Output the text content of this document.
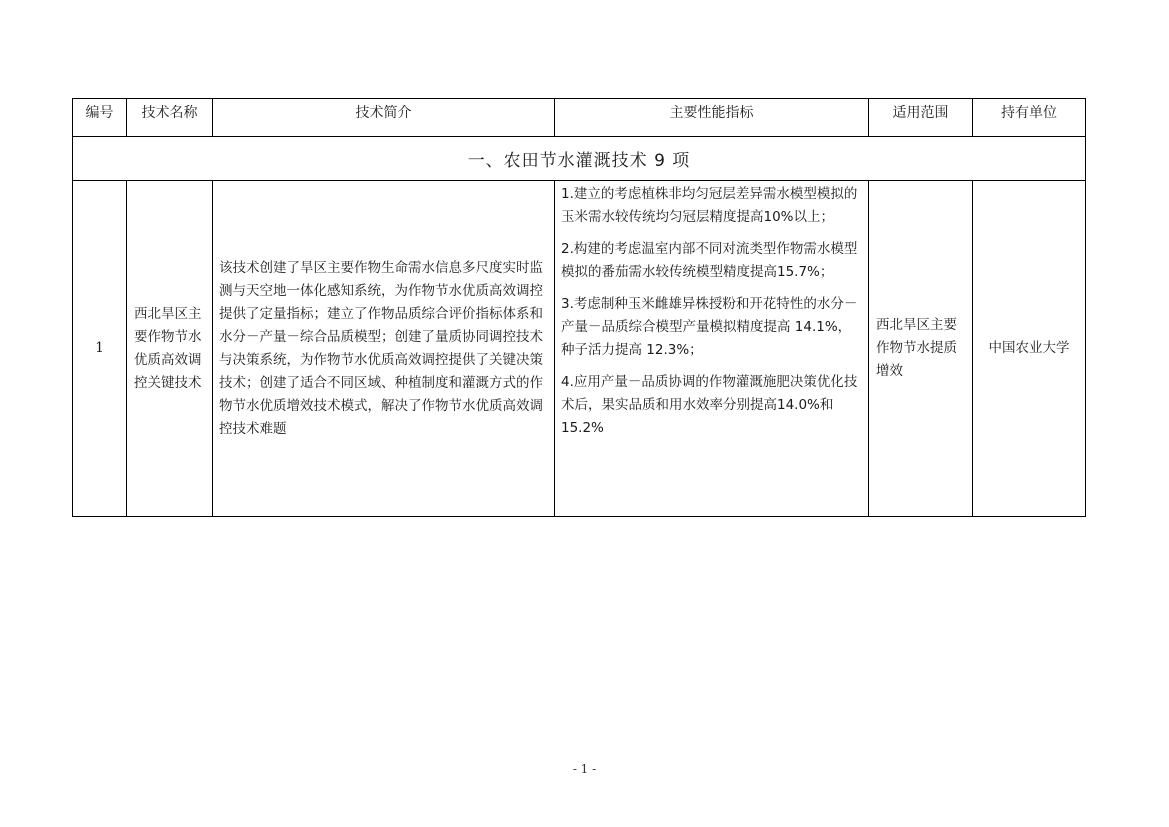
编号	技术名称	技术简介	主要性能指标	适用范围	持有单位
一、农田节水灌溉技术 9 项					
1	西北旱区主要作物节水优质高效调控关键技术	该技术创建了旱区主要作物生命需水信息多尺度实时监测与天空地一体化感知系统，为作物节水优质高效调控提供了定量指标；建立了作物品质综合评价指标体系和水分－产量－综合品质模型；创建了量质协同调控技术与决策系统，为作物节水优质高效调控提供了关键决策技术；创建了适合不同区域、种植制度和灌溉方式的作物节水优质增效技术模式，解决了作物节水优质高效调控技术难题	1.建立的考虑植株非均匀冠层差异需水模型模拟的玉米需水较传统均匀冠层精度提高10%以上；
2.构建的考虑温室内部不同对流类型作物需水模型模拟的番茄需水较传统模型精度提高15.7%；
3.考虑制种玉米雌雄异株授粉和开花特性的水分－产量－品质综合模型产量模拟精度提高 14.1%，种子活力提高 12.3%；
4.应用产量－品质协调的作物灌溉施肥决策优化技术后，果实品质和用水效率分别提高14.0%和 15.2%	西北旱区主要作物节水提质增效	中国农业大学
- 1 -
